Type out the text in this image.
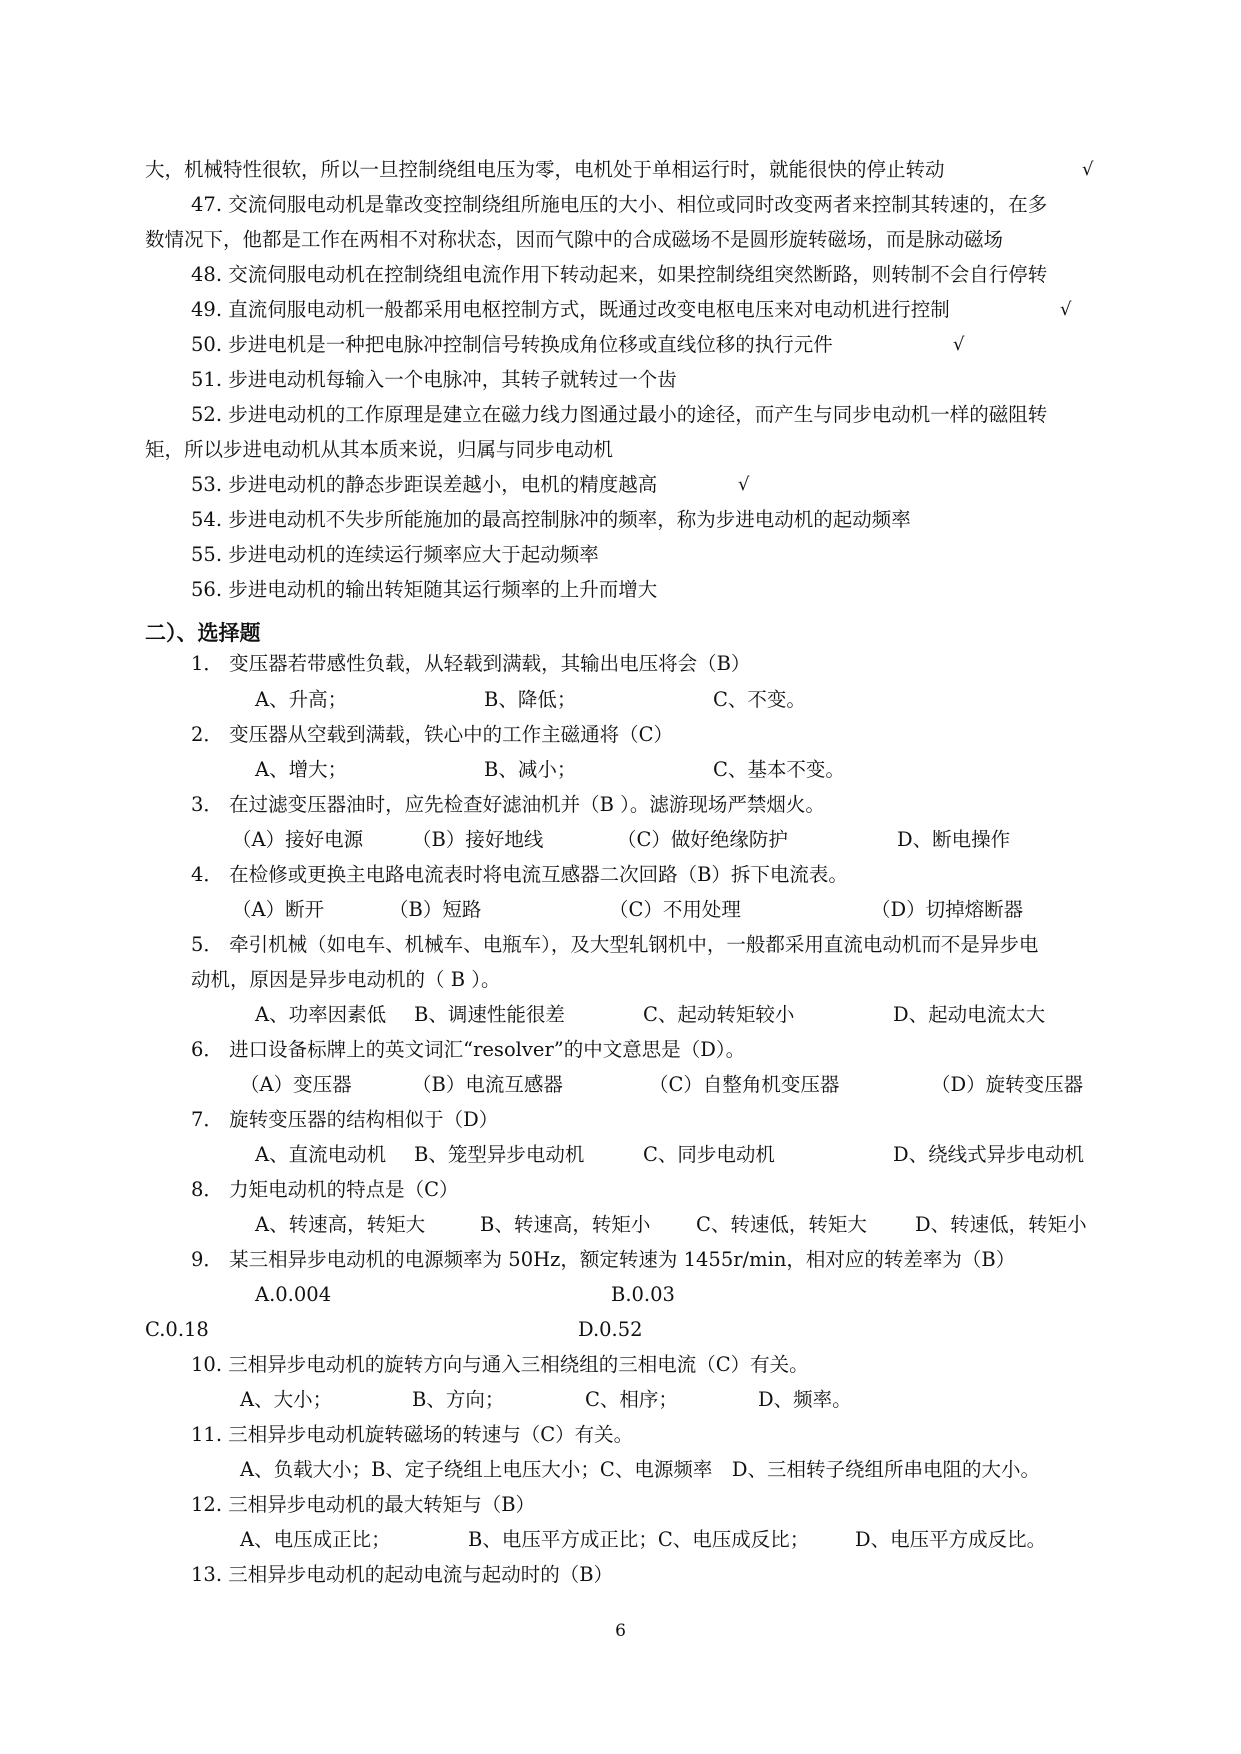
大，机械特性很软，所以一旦控制绕组电压为零，电机处于单相运行时，就能很快的停止转动	√
47. 交流伺服电动机是靠改变控制绕组所施电压的大小、相位或同时改变两者来控制其转速的，在多
数情况下，他都是工作在两相不对称状态，因而气隙中的合成磁场不是圆形旋转磁场，而是脉动磁场
48. 交流伺服电动机在控制绕组电流作用下转动起来，如果控制绕组突然断路，则转制不会自行停转
49. 直流伺服电动机一般都采用电枢控制方式，既通过改变电枢电压来对电动机进行控制	√
50. 步进电机是一种把电脉冲控制信号转换成角位移或直线位移的执行元件	√
51. 步进电动机每输入一个电脉冲，其转子就转过一个齿
52. 步进电动机的工作原理是建立在磁力线力图通过最小的途径，而产生与同步电动机一样的磁阻转
矩，所以步进电动机从其本质来说，归属与同步电动机
53. 步进电动机的静态步距误差越小，电机的精度越高	√
54. 步进电动机不失步所能施加的最高控制脉冲的频率，称为步进电动机的起动频率
55. 步进电动机的连续运行频率应大于起动频率
56. 步进电动机的输出转矩随其运行频率的上升而增大
二）、选择题
1． 变压器若带感性负载，从轻载到满载，其输出电压将会（B）
A、升高；	B、降低；	C、不变。
2． 变压器从空载到满载，铁心中的工作主磁通将（C）
A、增大；	B、减小；	C、基本不变。
3． 在过滤变压器油时，应先检查好滤油机并（B ）。滤游现场严禁烟火。
（A）接好电源	（B）接好地线	（C）做好绝缘防护	D、断电操作
4． 在检修或更换主电路电流表时将电流互感器二次回路（B）拆下电流表。
（A）断开	（B）短路	（C）不用处理	（D）切掉熔断器
5． 牵引机械（如电车、机械车、电瓶车），及大型轧钢机中，一般都采用直流电动机而不是异步电
动机，原因是异步电动机的（ B ）。
A、功率因素低 B、调速性能很差	C、起动转矩较小	D、起动电流太大
6． 进口设备标牌上的英文词汇“resolver”的中文意思是（D）。
（A）变压器	（B）电流互感器	（C）自整角机变压器	（D）旋转变压器
7． 旋转变压器的结构相似于（D）
A、直流电动机 B、笼型异步电动机	C、同步电动机	D、绕线式异步电动机
8． 力矩电动机的特点是（C）
A、转速高，转矩大	B、转速高，转矩小 C、转速低，转矩大 D、转速低，转矩小
9． 某三相异步电动机的电源频率为 50Hz，额定转速为 1455r/min，相对应的转差率为（B）
A.0.004	B.0.03
C.0.18	D.0.52
10. 三相异步电动机的旋转方向与通入三相绕组的三相电流（C）有关。
A、大小；	B、方向；	C、相序；	D、频率。
11. 三相异步电动机旋转磁场的转速与（C）有关。
A、负载大小；B、定子绕组上电压大小；C、电源频率　D、三相转子绕组所串电阻的大小。
12. 三相异步电动机的最大转矩与（B）
A、电压成正比；	B、电压平方成正比；C、电压成反比； D、电压平方成反比。
13. 三相异步电动机的起动电流与起动时的（B）
6
